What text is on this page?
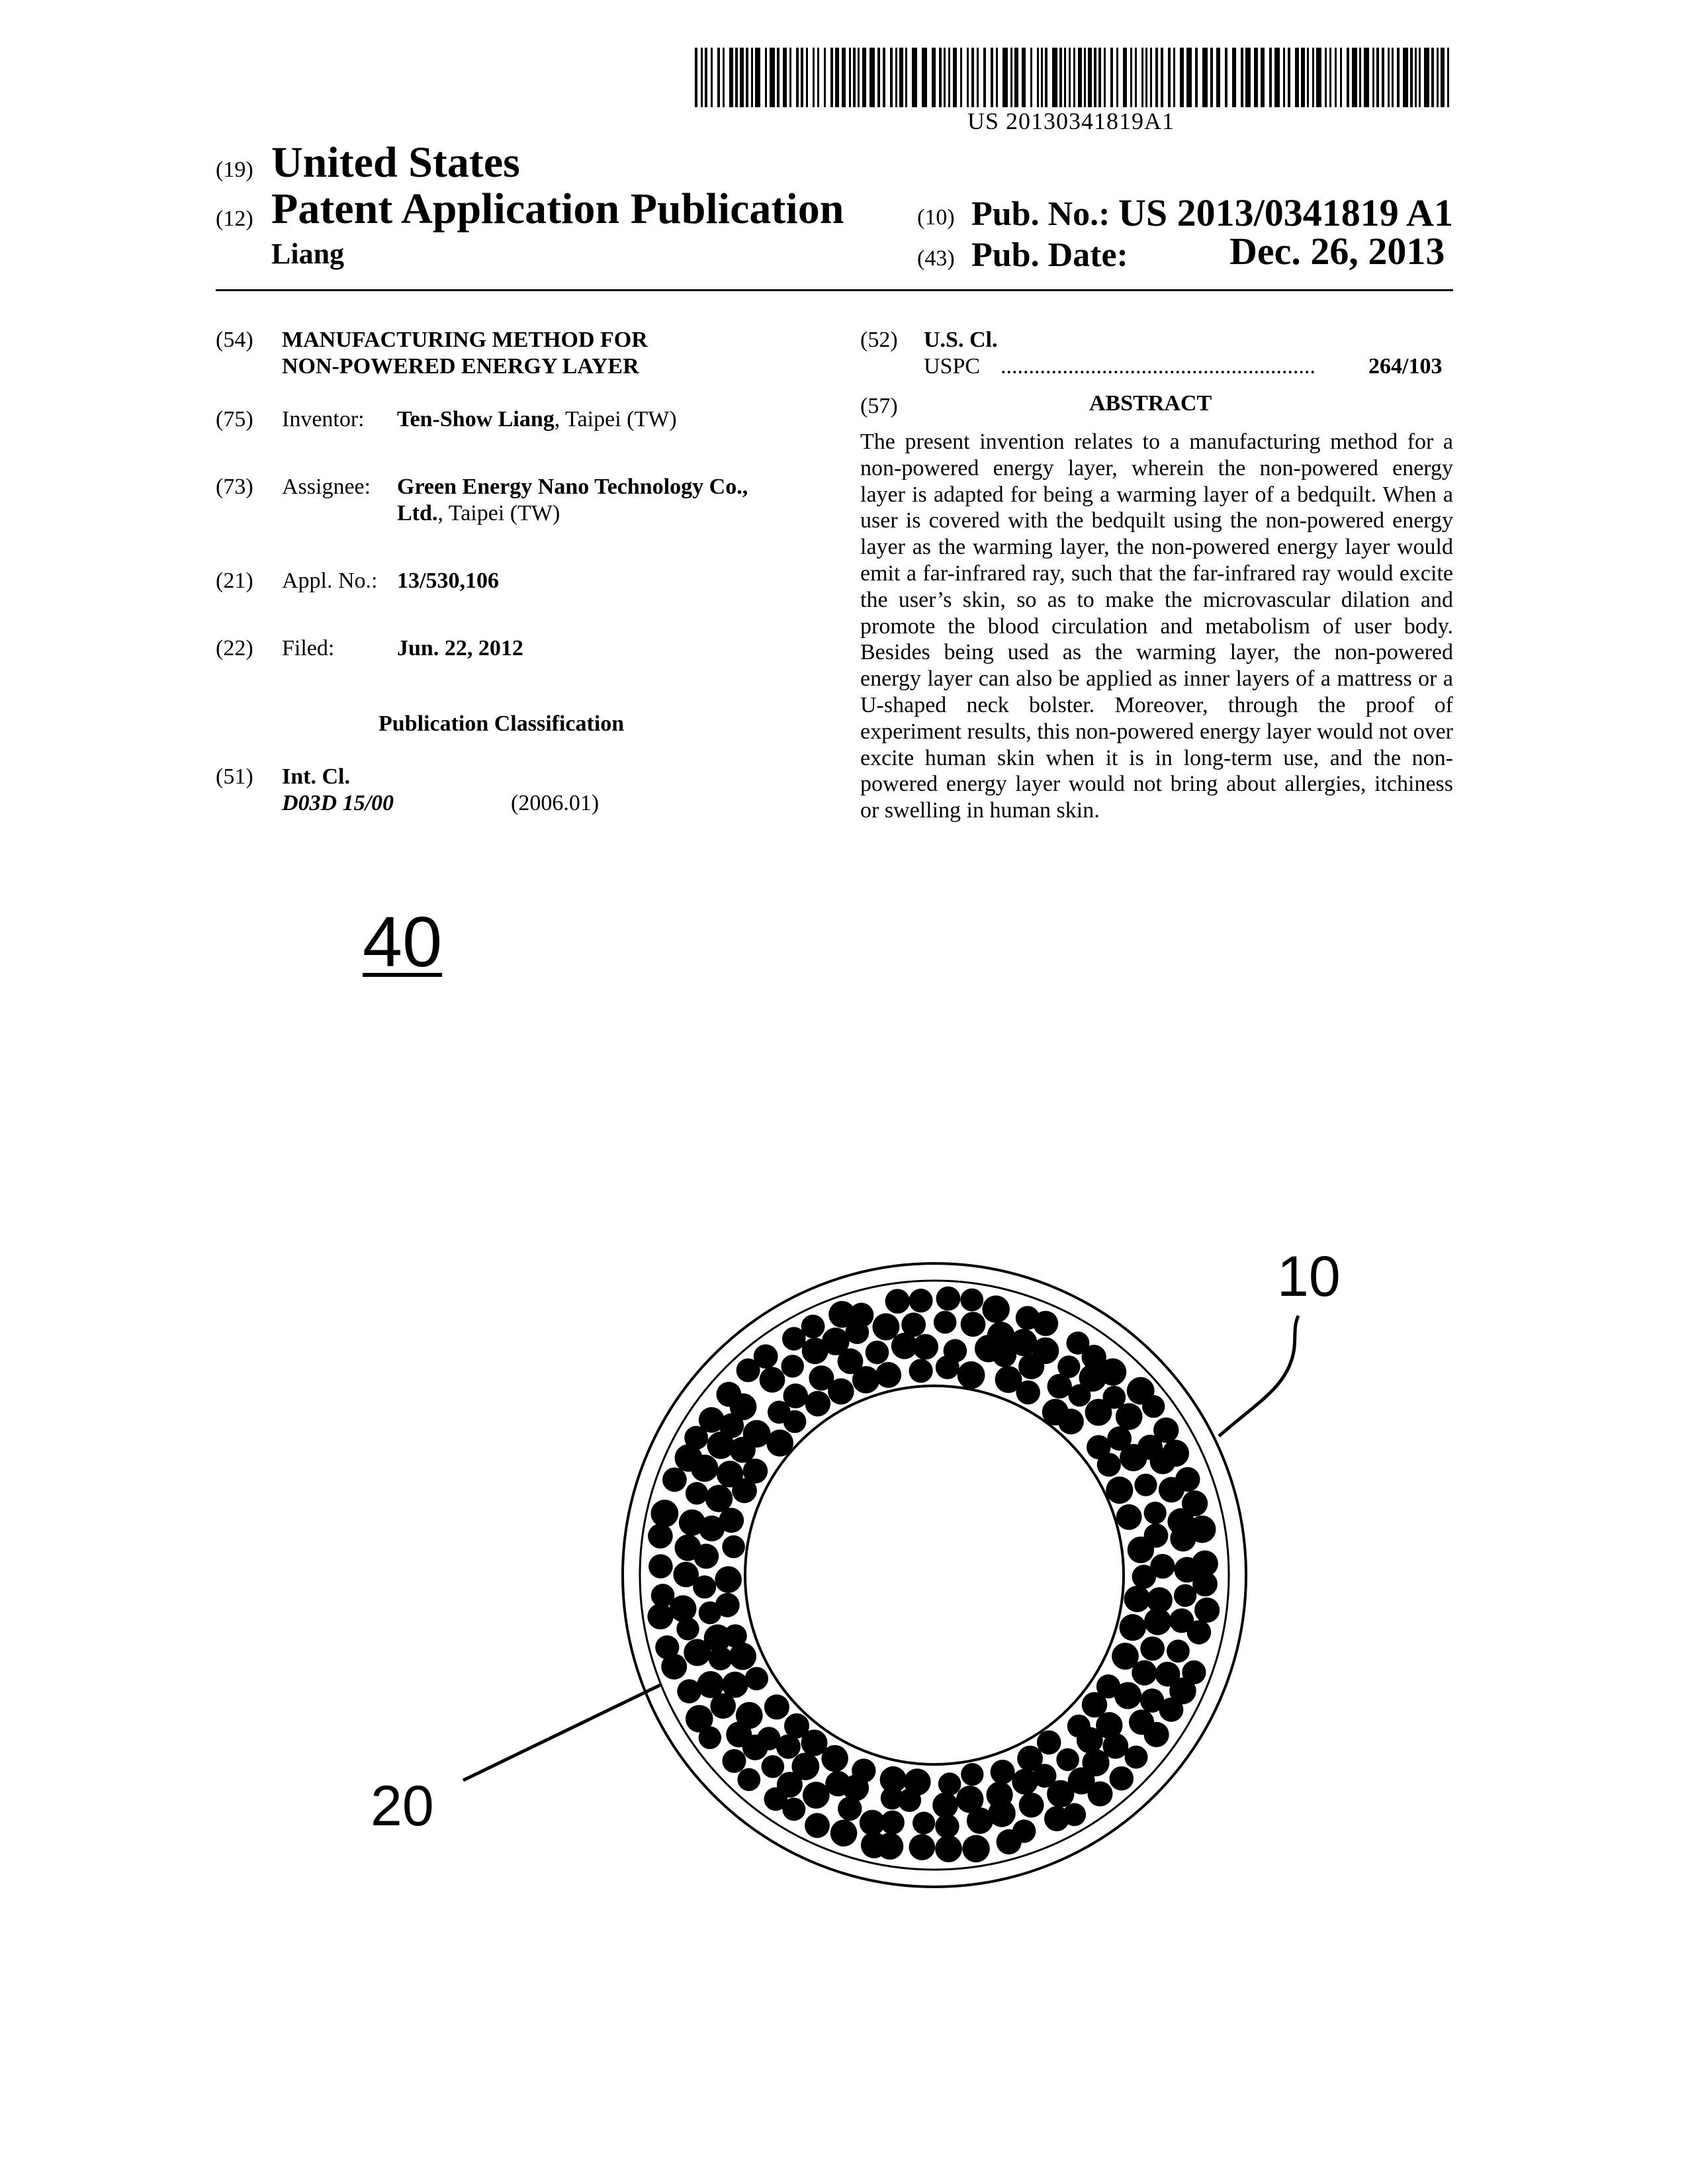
US 20130341819A1
(19) United States
(12) Patent Application Publication
Liang
(10) Pub. No.: US 2013/0341819 A1
(43) Pub. Date:	Dec. 26, 2013
(54) MANUFACTURING METHOD FOR
NON-POWERED ENERGY LAYER
(75) Inventor: Ten-Show Liang, Taipei (TW)
(73) Assignee: Green Energy Nano Technology Co.,
Ltd., Taipei (TW)
(21) Appl. No.: 13/530,106
(22) Filed:	Jun. 22, 2012
Publication Classification
(51) Int. Cl.
D03D 15/00	(2006.01)
(52) U.S. Cl.
USPC ........................................................	264/103
(57)	ABSTRACT

The present invention relates to a manufacturing method for a non-powered energy layer, wherein the non-powered energy layer is adapted for being a warming layer of a bedquilt. When a user is covered with the bedquilt using the non-powered energy layer as the warming layer, the non-powered energy layer would emit a far-infrared ray, such that the far-infrared ray would excite the user’s skin, so as to make the microvascular dilation and promote the blood circulation and metabolism of user body. Besides being used as the warming layer, the non-powered energy layer can also be applied as inner layers of a mattress or a U-shaped neck bolster. Moreover, through the proof of experiment results, this non-powered energy layer would not over excite human skin when it is in long-term use, and the non-powered energy layer would not bring about allergies, itchiness or swelling in human skin.

40
10
20
